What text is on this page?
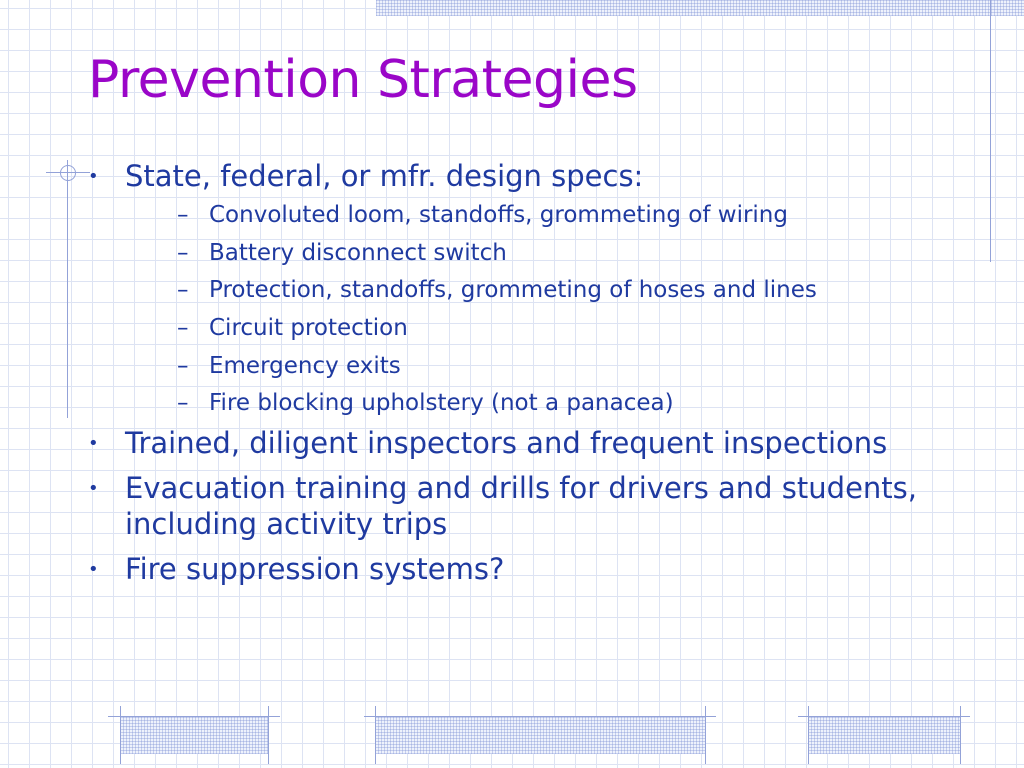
Prevention Strategies
• State, federal, or mfr. design specs:
– Convoluted loom, standoffs, grommeting of wiring
– Battery disconnect switch
– Protection, standoffs, grommeting of hoses and lines
– Circuit protection
– Emergency exits
– Fire blocking upholstery (not a panacea)
• Trained, diligent inspectors and frequent inspections
• Evacuation training and drills for drivers and students, including activity trips
• Fire suppression systems?
